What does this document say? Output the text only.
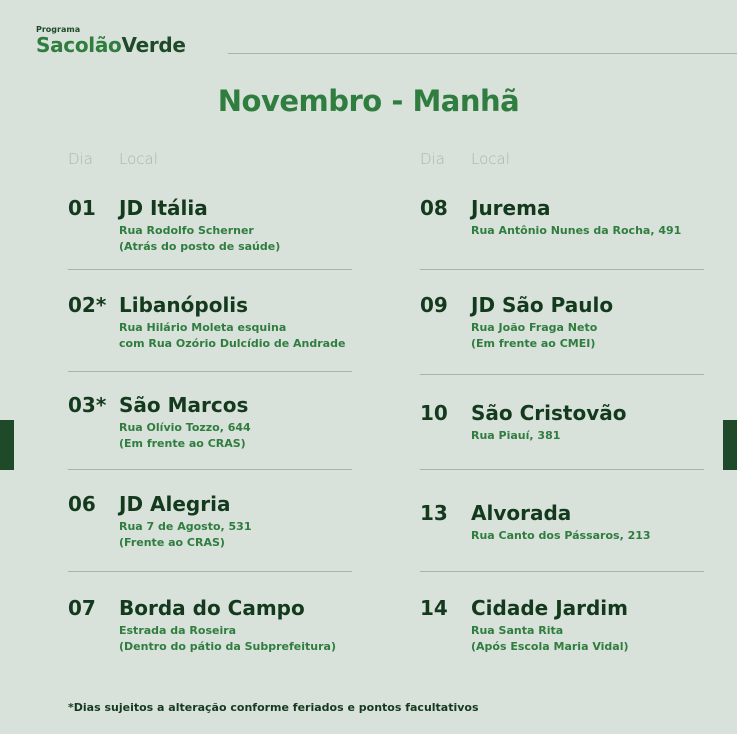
Programa
SacolãoVerde
Novembro - Manhã
Dia	Local
01 JD Itália
Rua Rodolfo Scherner
(Atrás do posto de saúde)
02* Libanópolis
Rua Hilário Moleta esquina
com Rua Ozório Dulcídio de Andrade
03* São Marcos
Rua Olívio Tozzo, 644
(Em frente ao CRAS)
06 JD Alegria
Rua 7 de Agosto, 531
(Frente ao CRAS)
07 Borda do Campo
Estrada da Roseira
(Dentro do pátio da Subprefeitura)
Dia	Local
08 Jurema
Rua Antônio Nunes da Rocha, 491
09 JD São Paulo
Rua João Fraga Neto
(Em frente ao CMEI)
10 São Cristovão
Rua Piauí, 381
13 Alvorada
Rua Canto dos Pássaros, 213
14 Cidade Jardim
Rua Santa Rita
(Após Escola Maria Vidal)
*Dias sujeitos a alteração conforme feriados e pontos facultativos
